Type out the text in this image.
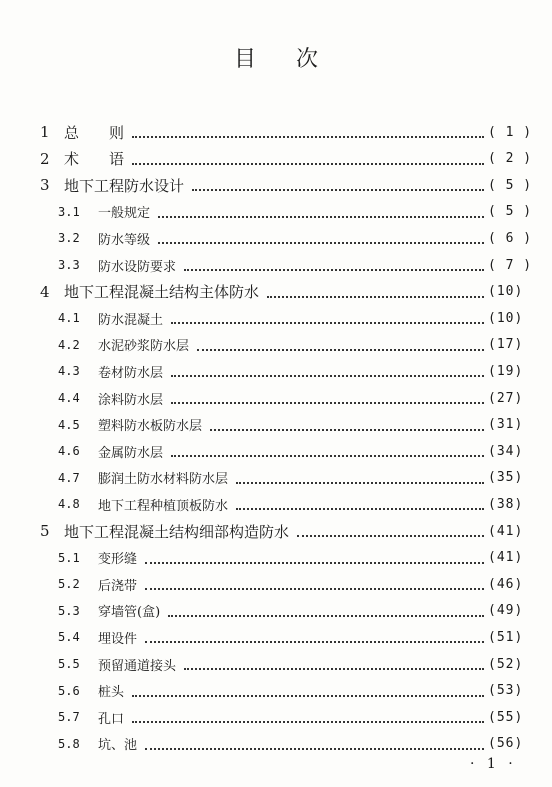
目 次
1 总　　则	( 1 )
2 术　　语	( 2 )
3 地下工程防水设计	( 5 )
3.1 一般规定	( 5 )
3.2 防水等级	( 6 )
3.3 防水设防要求	( 7 )
4 地下工程混凝土结构主体防水	(10)
4.1 防水混凝土	(10)
4.2 水泥砂浆防水层	(17)
4.3 卷材防水层	(19)
4.4 涂料防水层	(27)
4.5 塑料防水板防水层	(31)
4.6 金属防水层	(34)
4.7 膨润土防水材料防水层	(35)
4.8 地下工程种植顶板防水	(38)
5 地下工程混凝土结构细部构造防水	(41)
5.1 变形缝	(41)
5.2 后浇带	(46)
5.3 穿墙管(盒)	(49)
5.4 埋设件	(51)
5.5 预留通道接头	(52)
5.6 桩头	(53)
5.7 孔口	(55)
5.8 坑、池	(56)
· 1 ·
